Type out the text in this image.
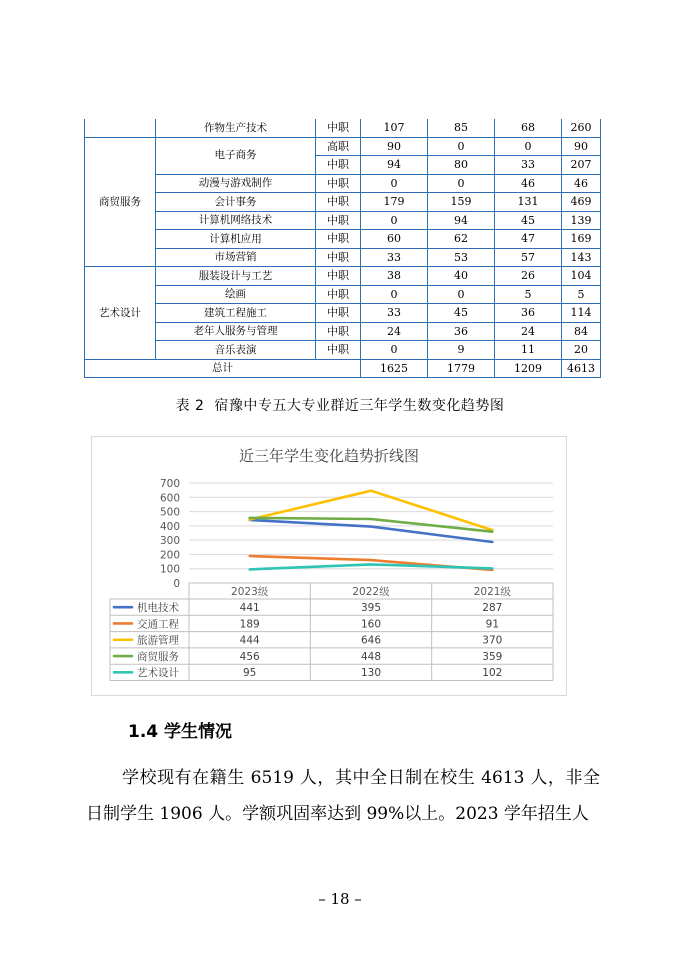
	作物生产技术	中职	107	85	68	260
商贸服务	电子商务	高职	90	0	0	90
		中职	94	80	33	207
	动漫与游戏制作	中职	0	0	46	46
	会计事务	中职	179	159	131	469
	计算机网络技术	中职	0	94	45	139
	计算机应用	中职	60	62	47	169
	市场营销	中职	33	53	57	143
艺术设计	服装设计与工艺	中职	38	40	26	104
	绘画	中职	0	0	5	5
	建筑工程施工	中职	33	45	36	114
	老年人服务与管理	中职	24	36	24	84
	音乐表演	中职	0	9	11	20
总计			1625	1779	1209	4613
表 2 宿豫中专五大专业群近三年学生数变化趋势图
近三年学生变化趋势折线图
0
100
200
300
400
500
600
700
2023级	2022级	2021级
机电技术	441	395	287
交通工程	189	160	91
旅游管理	444	646	370
商贸服务	456	448	359
艺术设计	95	130	102
1.4 学生情况
学校现有在籍生 6519 人，其中全日制在校生 4613 人，非全日制学生 1906 人。学额巩固率达到 99%以上。2023 学年招生人
– 18 –
